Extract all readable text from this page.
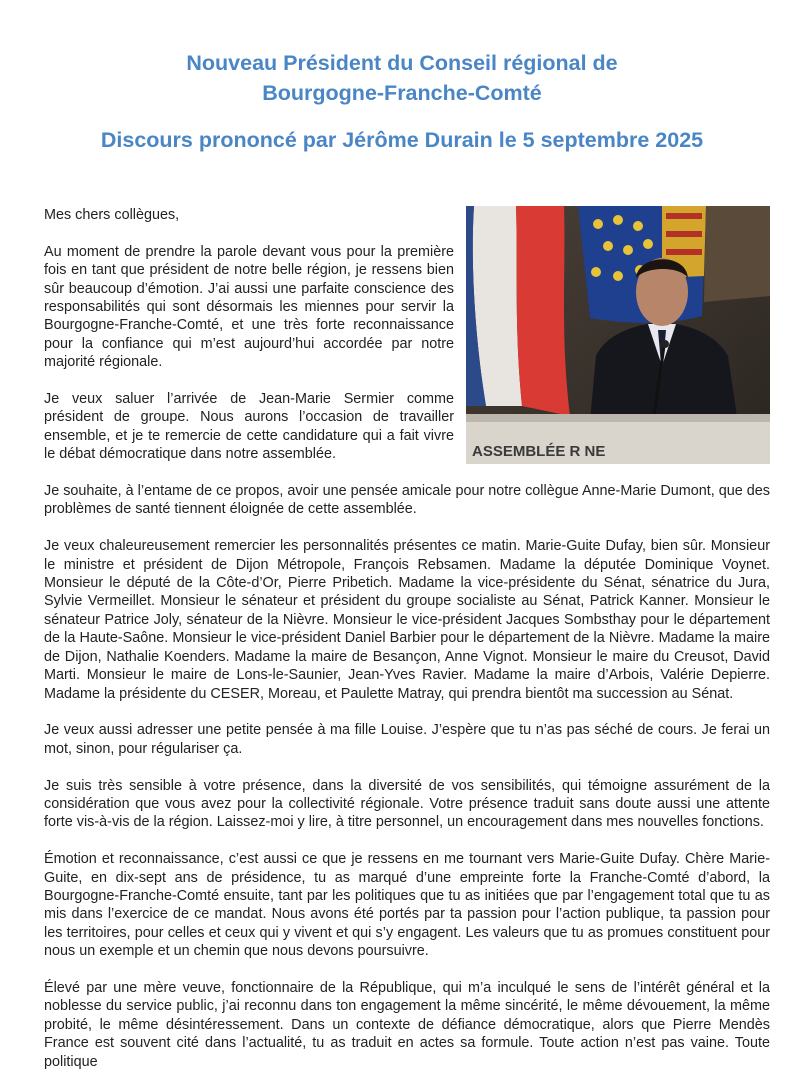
Nouveau Président du Conseil régional de
Bourgogne-Franche-Comté
Discours prononcé par Jérôme Durain le 5 septembre 2025
ASSEMBLÉE R NE

Mes chers collègues,

Au moment de prendre la parole devant vous pour la première fois en tant que président de notre belle région, je ressens bien sûr beaucoup d’émotion. J’ai aussi une parfaite conscience des responsabilités qui sont désormais les miennes pour servir la Bourgogne-Franche-Comté, et une très forte reconnaissance pour la confiance qui m’est aujourd’hui accordée par notre majorité régionale.

Je veux saluer l’arrivée de Jean-Marie Sermier comme président de groupe. Nous aurons l’occasion de travailler ensemble, et je te remercie de cette candidature qui a fait vivre le débat démocratique dans notre assemblée.

Je souhaite, à l’entame de ce propos, avoir une pensée amicale pour notre collègue Anne-Marie Dumont, que des problèmes de santé tiennent éloignée de cette assemblée.

Je veux chaleureusement remercier les personnalités présentes ce matin. Marie-Guite Dufay, bien sûr. Monsieur le ministre et président de Dijon Métropole, François Rebsamen. Madame la députée Dominique Voynet. Monsieur le député de la Côte-d’Or, Pierre Pribetich. Madame la vice-présidente du Sénat, sénatrice du Jura, Sylvie Vermeillet. Monsieur le sénateur et président du groupe socialiste au Sénat, Patrick Kanner. Monsieur le sénateur Patrice Joly, sénateur de la Nièvre. Monsieur le vice-président Jacques Sombsthay pour le département de la Haute-Saône. Monsieur le vice-président Daniel Barbier pour le département de la Nièvre. Madame la maire de Dijon, Nathalie Koenders. Madame la maire de Besançon, Anne Vignot. Monsieur le maire du Creusot, David Marti. Monsieur le maire de Lons-le-Saunier, Jean-Yves Ravier. Madame la maire d’Arbois, Valérie Depierre. Madame la présidente du CESER, Moreau, et Paulette Matray, qui prendra bientôt ma succession au Sénat.

Je veux aussi adresser une petite pensée à ma fille Louise. J’espère que tu n’as pas séché de cours. Je ferai un mot, sinon, pour régulariser ça.

Je suis très sensible à votre présence, dans la diversité de vos sensibilités, qui témoigne assurément de la considération que vous avez pour la collectivité régionale. Votre présence traduit sans doute aussi une attente forte vis-à-vis de la région. Laissez-moi y lire, à titre personnel, un encouragement dans mes nouvelles fonctions.

Émotion et reconnaissance, c’est aussi ce que je ressens en me tournant vers Marie-Guite Dufay. Chère Marie-Guite, en dix-sept ans de présidence, tu as marqué d’une empreinte forte la Franche-Comté d’abord, la Bourgogne-Franche-Comté ensuite, tant par les politiques que tu as initiées que par l’engagement total que tu as mis dans l’exercice de ce mandat. Nous avons été portés par ta passion pour l’action publique, ta passion pour les territoires, pour celles et ceux qui y vivent et qui s’y engagent. Les valeurs que tu as promues constituent pour nous un exemple et un chemin que nous devons poursuivre.

Élevé par une mère veuve, fonctionnaire de la République, qui m’a inculqué le sens de l’intérêt général et la noblesse du service public, j’ai reconnu dans ton engagement la même sincérité, le même dévouement, la même probité, le même désintéressement. Dans un contexte de défiance démocratique, alors que Pierre Mendès France est souvent cité dans l’actualité, tu as traduit en actes sa formule. Toute action n’est pas vaine. Toute politique
